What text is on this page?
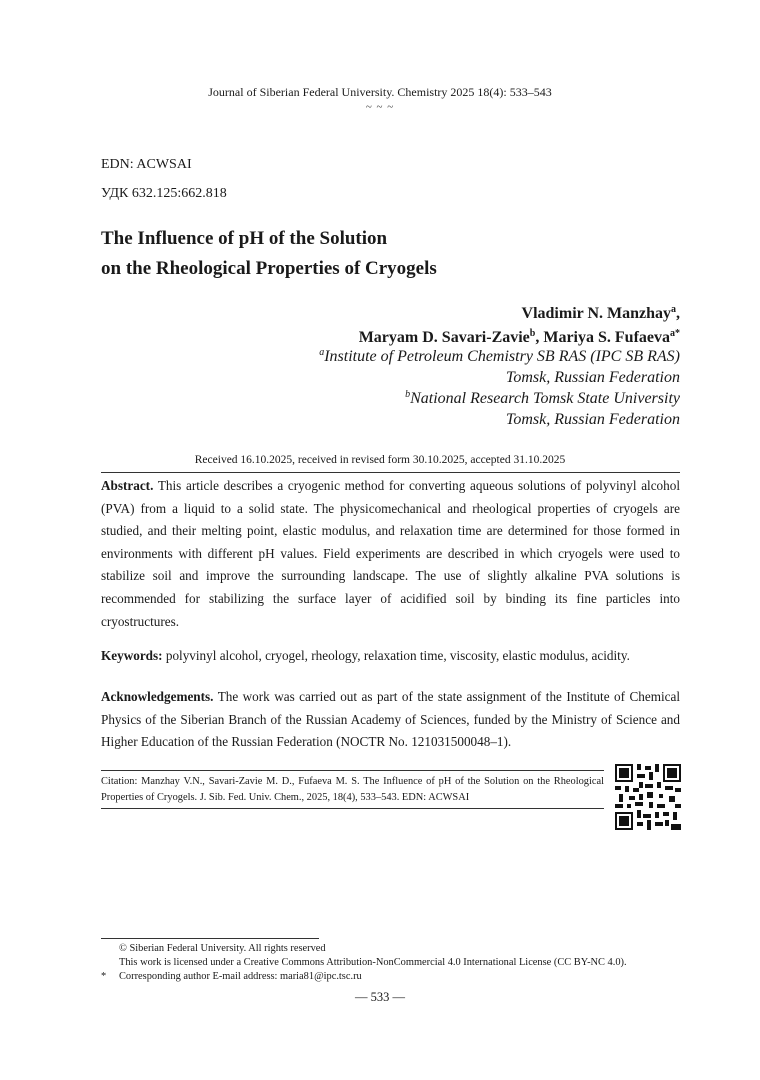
Journal of Siberian Federal University. Chemistry 2025 18(4): 533–543
~ ~ ~
EDN: ACWSAI
УДК 632.125:662.818
The Influence of pH of the Solution
on the Rheological Properties of Cryogels
Vladimir N. Manzhay$^a$,
Maryam D. Savari-Zavie$^b$, Mariya S. Fufaeva$^{a*}$
$^a$Institute of Petroleum Chemistry SB RAS (IPC SB RAS)
Tomsk, Russian Federation
$^b$National Research Tomsk State University
Tomsk, Russian Federation
Received 16.10.2025, received in revised form 30.10.2025, accepted 31.10.2025
Abstract. This article describes a cryogenic method for converting aqueous solutions of polyvinyl alcohol (PVA) from a liquid to a solid state. The physicomechanical and rheological properties of cryogels are studied, and their melting point, elastic modulus, and relaxation time are determined for those formed in environments with different pH values. Field experiments are described in which cryogels were used to stabilize soil and improve the surrounding landscape. The use of slightly alkaline PVA solutions is recommended for stabilizing the surface layer of acidified soil by binding its fine particles into cryostructures.
Keywords: polyvinyl alcohol, cryogel, rheology, relaxation time, viscosity, elastic modulus, acidity.
Acknowledgements. The work was carried out as part of the state assignment of the Institute of Chemical Physics of the Siberian Branch of the Russian Academy of Sciences, funded by the Ministry of Science and Higher Education of the Russian Federation (NOCTR No. 121031500048–1).
Citation: Manzhay V.N., Savari-Zavie M. D., Fufaeva M. S. The Influence of pH of the Solution on the Rheological Properties of Cryogels. J. Sib. Fed. Univ. Chem., 2025, 18(4), 533–543. EDN: ACWSAI
© Siberian Federal University. All rights reserved
This work is licensed under a Creative Commons Attribution-NonCommercial 4.0 International License (CC BY-NC 4.0).
* Corresponding author E-mail address: maria81@ipc.tsc.ru
— 533 —
